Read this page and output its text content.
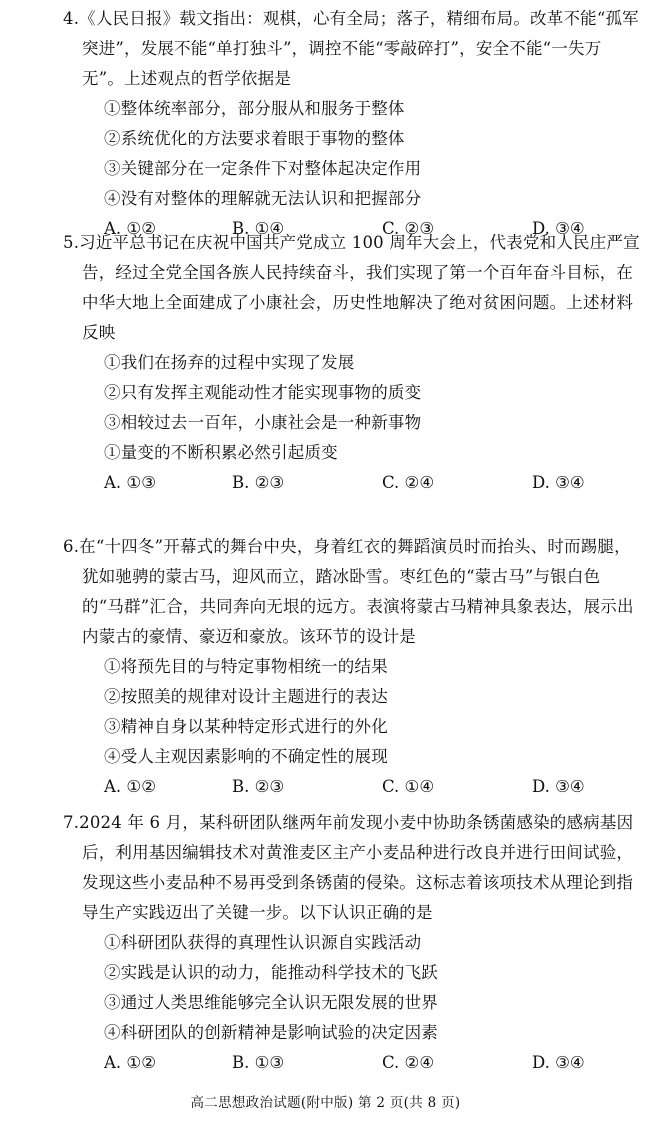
4.《人民日报》载文指出：观棋，心有全局；落子，精细布局。改革不能“孤军突进”，发展不能“单打独斗”，调控不能“零敲碎打”，安全不能“一失万无”。上述观点的哲学依据是
①整体统率部分，部分服从和服务于整体
②系统优化的方法要求着眼于事物的整体
③关键部分在一定条件下对整体起决定作用
④没有对整体的理解就无法认识和把握部分
A. ①②	B. ①④	C. ②③	D. ③④
5.习近平总书记在庆祝中国共产党成立 100 周年大会上，代表党和人民庄严宣告，经过全党全国各族人民持续奋斗，我们实现了第一个百年奋斗目标，在中华大地上全面建成了小康社会，历史性地解决了绝对贫困问题。上述材料反映
①我们在扬弃的过程中实现了发展
②只有发挥主观能动性才能实现事物的质变
③相较过去一百年，小康社会是一种新事物
①量变的不断积累必然引起质变
A. ①③	B. ②③	C. ②④	D. ③④
6.在“十四冬”开幕式的舞台中央，身着红衣的舞蹈演员时而抬头、时而踢腿，犹如驰骋的蒙古马，迎风而立，踏冰卧雪。枣红色的“蒙古马”与银白色的“马群”汇合，共同奔向无垠的远方。表演将蒙古马精神具象表达，展示出内蒙古的豪情、豪迈和豪放。该环节的设计是
①将预先目的与特定事物相统一的结果
②按照美的规律对设计主题进行的表达
③精神自身以某种特定形式进行的外化
④受人主观因素影响的不确定性的展现
A. ①②	B. ②③	C. ①④	D. ③④
7.2024 年 6 月，某科研团队继两年前发现小麦中协助条锈菌感染的感病基因后，利用基因编辑技术对黄淮麦区主产小麦品种进行改良并进行田间试验，发现这些小麦品种不易再受到条锈菌的侵染。这标志着该项技术从理论到指导生产实践迈出了关键一步。以下认识正确的是
①科研团队获得的真理性认识源自实践活动
②实践是认识的动力，能推动科学技术的飞跃
③通过人类思维能够完全认识无限发展的世界
④科研团队的创新精神是影响试验的决定因素
A. ①②	B. ①③	C. ②④	D. ③④
高二思想政治试题(附中版) 第 2 页(共 8 页)
